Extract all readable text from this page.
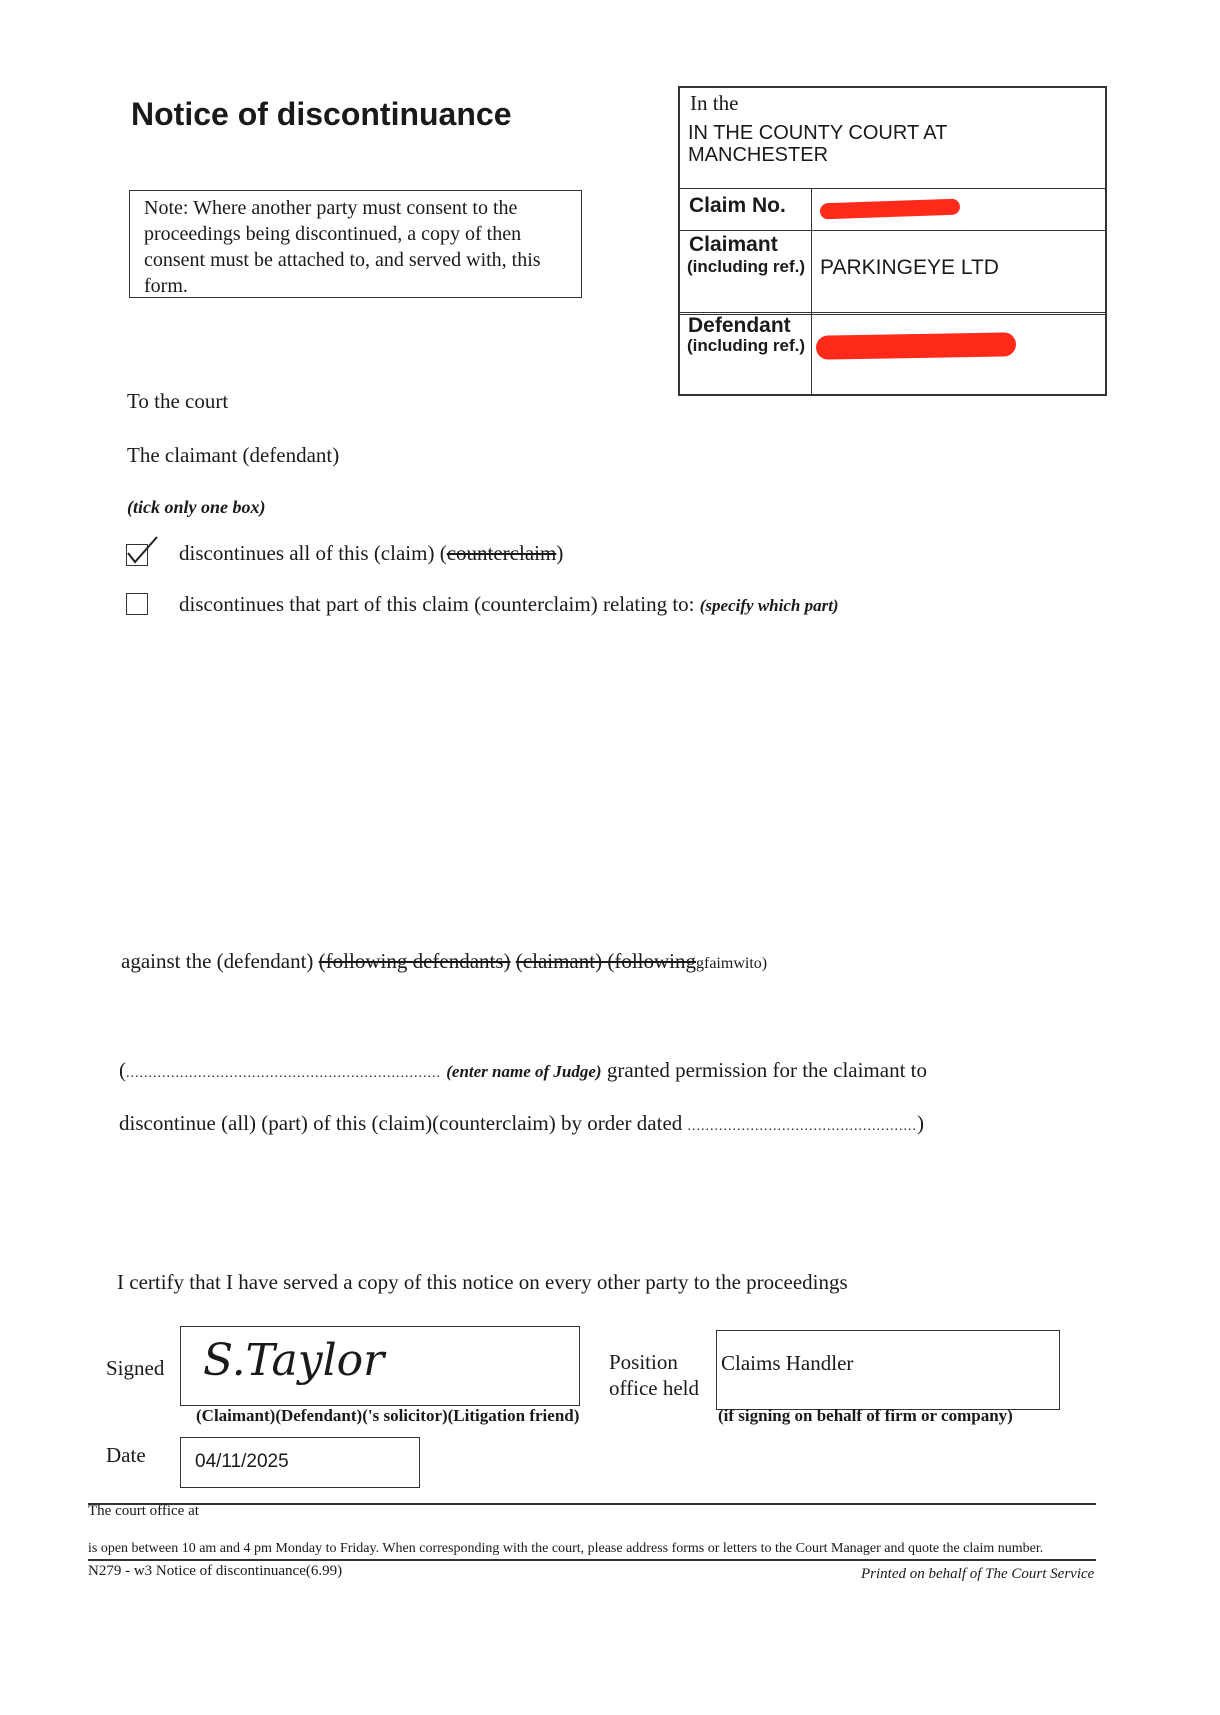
Notice of discontinuance
Note: Where another party must consent to the proceedings being discontinued, a copy of then consent must be attached to, and served with, this form.
In the
IN THE COUNTY COURT AT
MANCHESTER
Claim No.
Claimant
(including ref.) PARKINGEYE LTD
Defendant
(including ref.)
To the court
The claimant (defendant)
(tick only one box)
discontinues all of this (claim) (counterclaim)
discontinues that part of this claim (counterclaim) relating to: (specify which part)
against the (defendant) (following defendants) (claimant) (followinggfaimwito)
(...................................................................... (enter name of Judge) granted permission for the claimant to
discontinue (all) (part) of this (claim)(counterclaim) by order dated ...................................................)
I certify that I have served a copy of this notice on every other party to the proceedings
Signed S.Taylor
(Claimant)(Defendant)('s solicitor)(Litigation friend)
Position
office held
Claims Handler
(if signing on behalf of firm or company)
Date	04/11/2025
The court office at
is open between 10 am and 4 pm Monday to Friday. When corresponding with the court, please address forms or letters to the Court Manager and quote the claim number.
N279 - w3 Notice of discontinuance(6.99)	Printed on behalf of The Court Service
